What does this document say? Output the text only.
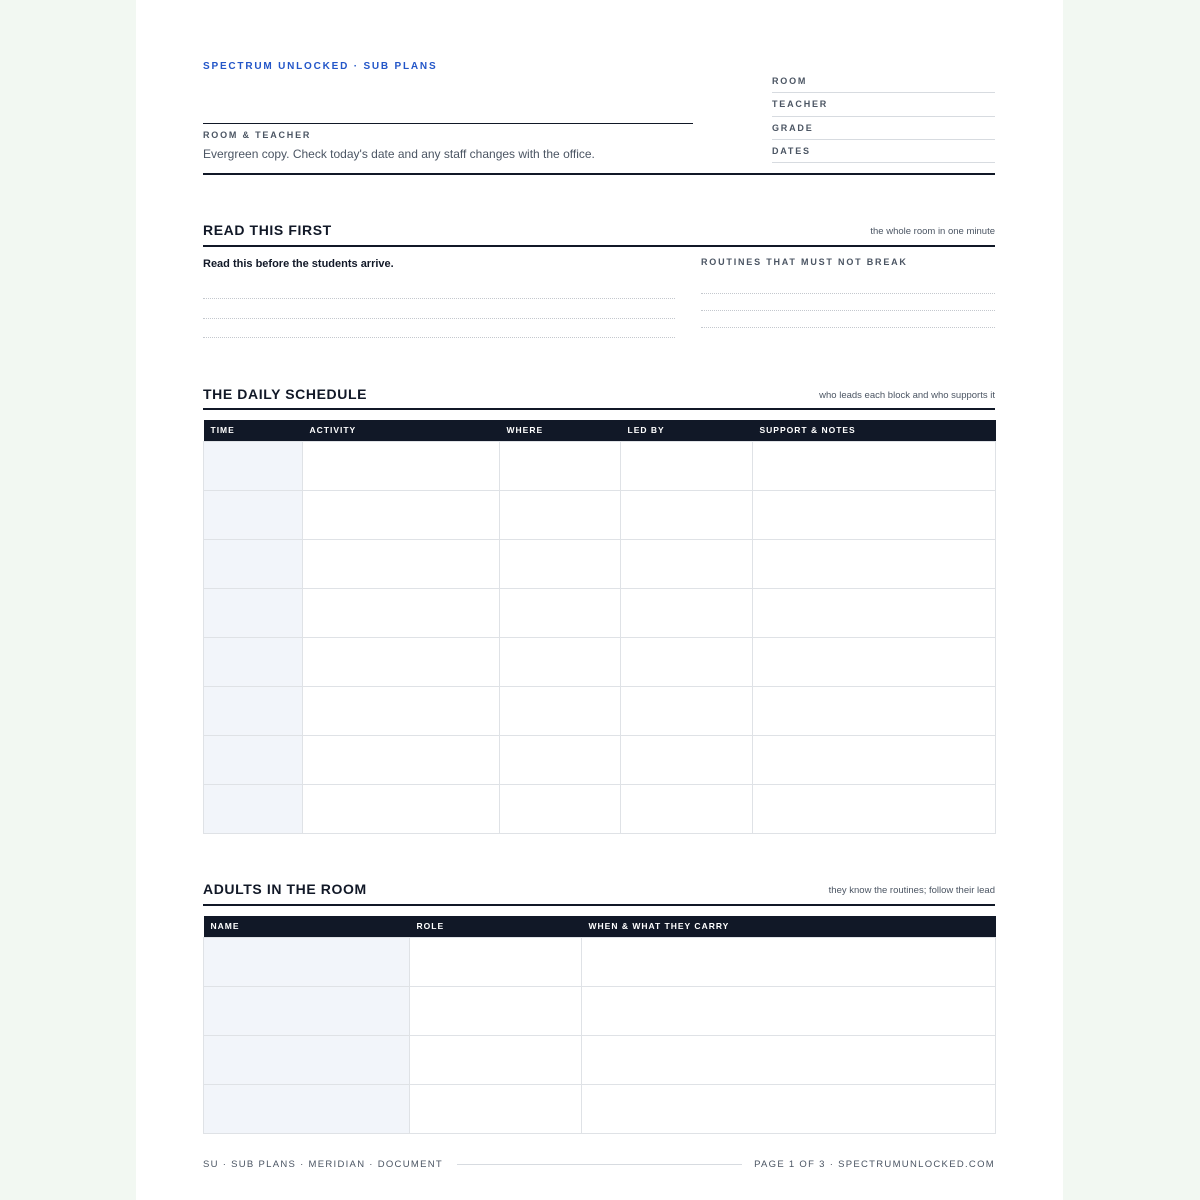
SPECTRUM UNLOCKED · SUB PLANS
ROOM & TEACHER
Evergreen copy. Check today's date and any staff changes with the office.
ROOM
TEACHER
GRADE
DATES
READ THIS FIRST	the whole room in one minute
Read this before the students arrive.	ROUTINES THAT MUST NOT BREAK
THE DAILY SCHEDULE	who leads each block and who supports it
TIME	ACTIVITY	WHERE	LED BY	SUPPORT & NOTES

ADULTS IN THE ROOM	they know the routines; follow their lead
NAME	ROLE	WHEN & WHAT THEY CARRY

SU · SUB PLANS · MERIDIAN · DOCUMENT	PAGE 1 OF 3 · SPECTRUMUNLOCKED.COM
